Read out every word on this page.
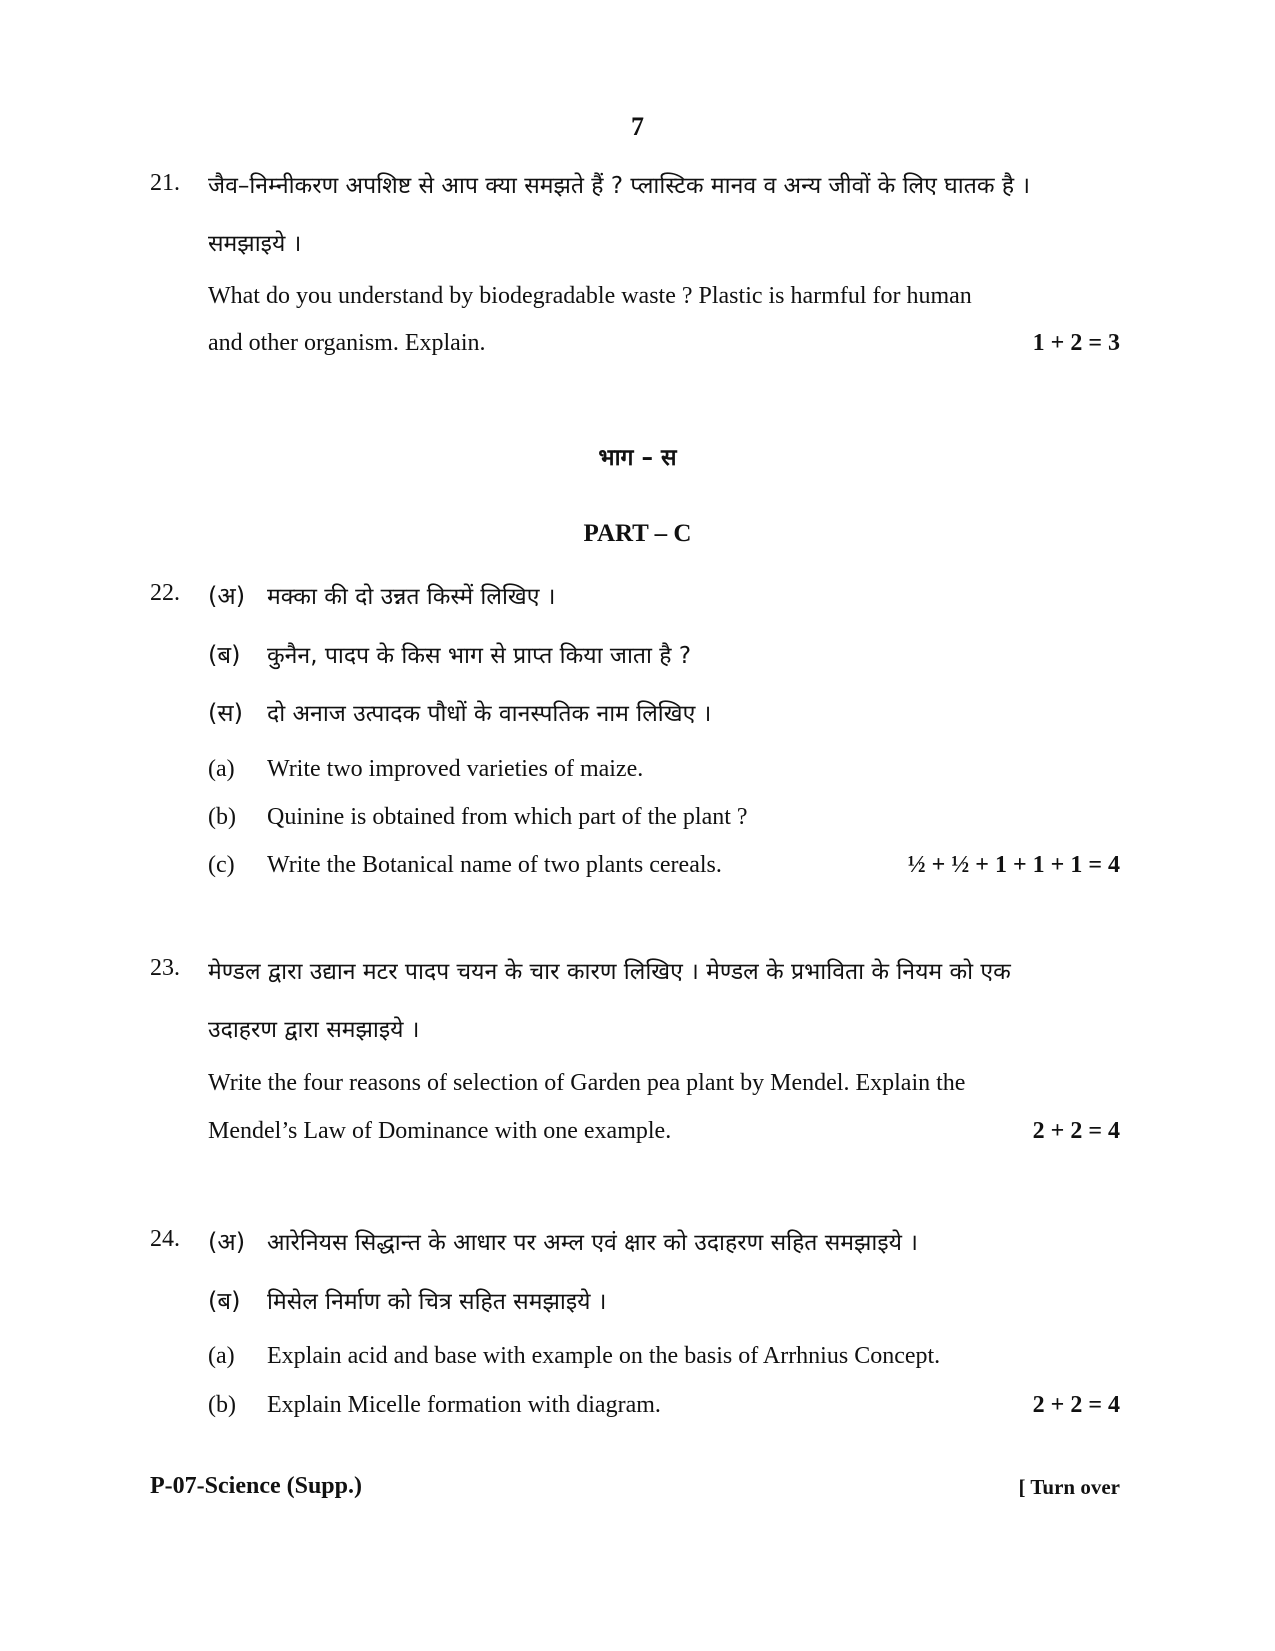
7
21. जैव–निम्नीकरण अपशिष्ट से आप क्या समझते हैं ? प्लास्टिक मानव व अन्य जीवों के लिए घातक है ।
समझाइये ।
What do you understand by biodegradable waste ? Plastic is harmful for human
and other organism. Explain.	1 + 2 = 3
भाग – स
PART – C
22. (अ) मक्का की दो उन्नत किस्में लिखिए ।
(ब) कुनैन, पादप के किस भाग से प्राप्त किया जाता है ?
(स) दो अनाज उत्पादक पौधों के वानस्पतिक नाम लिखिए ।
(a) Write two improved varieties of maize.
(b) Quinine is obtained from which part of the plant ?
(c) Write the Botanical name of two plants cereals.	½ + ½ + 1 + 1 + 1 = 4
23. मेण्डल द्वारा उद्यान मटर पादप चयन के चार कारण लिखिए । मेण्डल के प्रभाविता के नियम को एक
उदाहरण द्वारा समझाइये ।
Write the four reasons of selection of Garden pea plant by Mendel. Explain the
Mendel’s Law of Dominance with one example.	2 + 2 = 4
24. (अ) आरेनियस सिद्धान्त के आधार पर अम्ल एवं क्षार को उदाहरण सहित समझाइये ।
(ब) मिसेल निर्माण को चित्र सहित समझाइये ।
(a) Explain acid and base with example on the basis of Arrhnius Concept.
(b) Explain Micelle formation with diagram.	2 + 2 = 4
P-07-Science (Supp.)	[ Turn over
